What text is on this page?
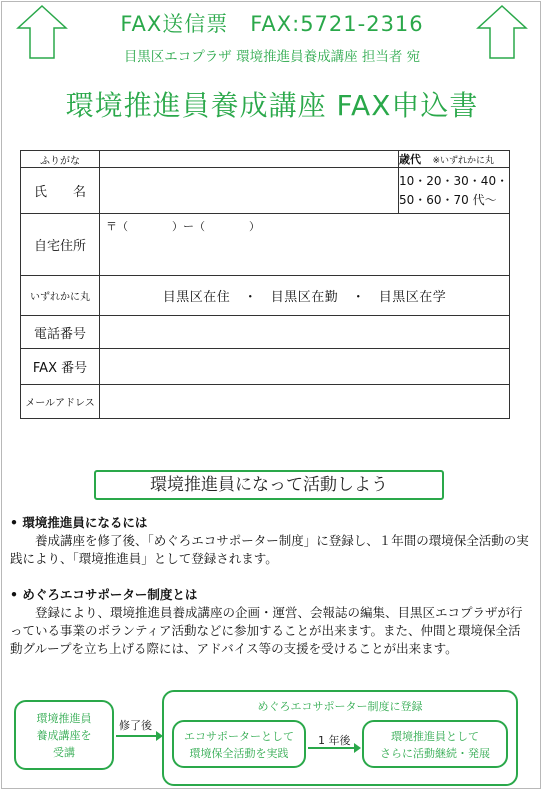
FAX送信票　FAX:5721-2316
目黒区エコプラザ 環境推進員養成講座 担当者 宛
環境推進員養成講座 FAX申込書
ふりがな		歳代 ※いずれかに丸
氏　　名		10・20・30・40・
50・60・70 代〜

自宅住所	〒（　　　　）ー（　　　　）	
いずれかに丸	目黒区在住　・　目黒区在勤　・　目黒区在学	
電話番号		
FAX 番号		
メールアドレス		
環境推進員になって活動しよう
• 環境推進員になるには
養成講座を修了後、「めぐろエコサポーター制度」に登録し、１年間の環境保全活動の実践により、「環境推進員」として登録されます。
• めぐろエコサポーター制度とは
登録により、環境推進員養成講座の企画・運営、会報誌の編集、目黒区エコプラザが行っている事業のボランティア活動などに参加することが出来ます。また、仲間と環境保全活動グループを立ち上げる際には、アドバイス等の支援を受けることが出来ます。
環境推進員
養成講座を
受講
修了後
めぐろエコサポーター制度に登録
エコサポーターとして
環境保全活動を実践
1 年後	環境推進員として
さらに活動継続・発展
